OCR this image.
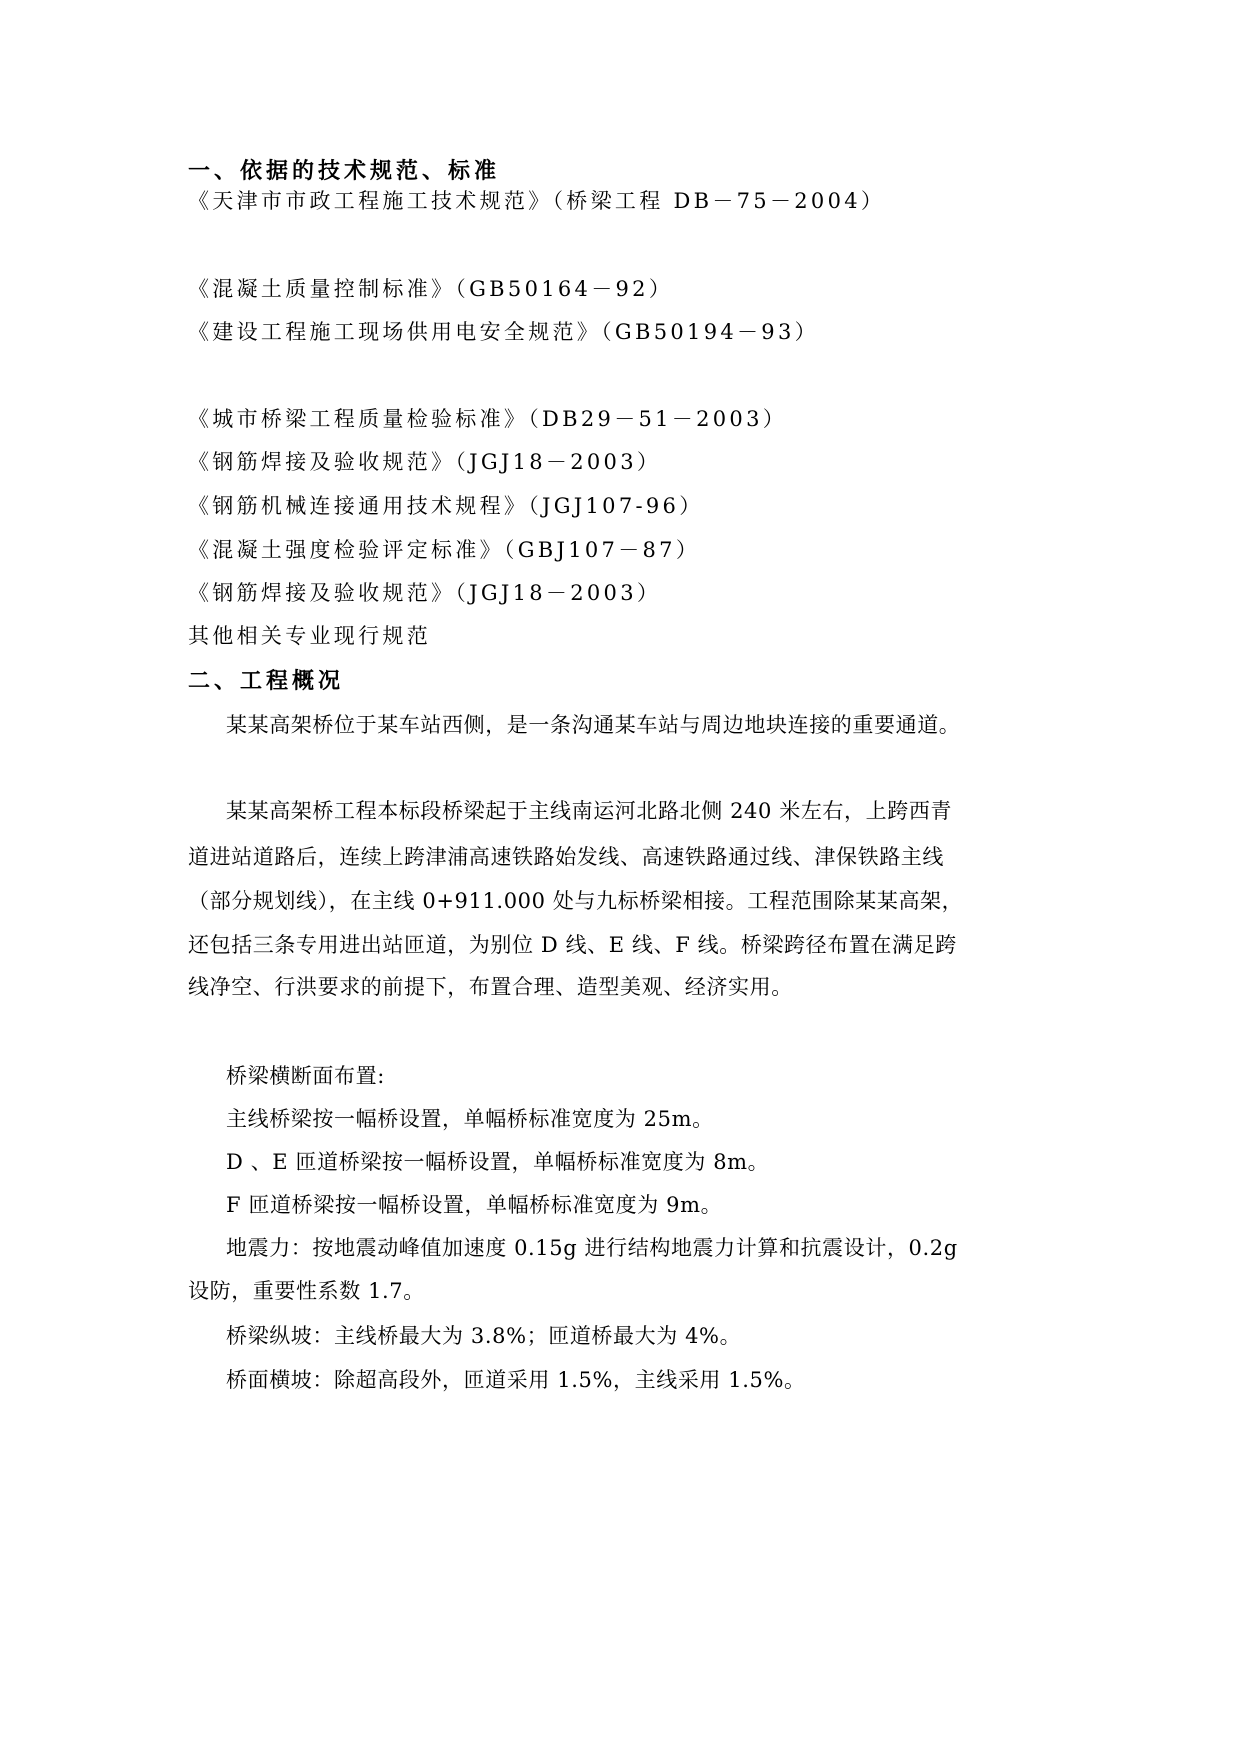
一、依据的技术规范、标准
《天津市市政工程施工技术规范》（桥梁工程 DB－75－2004）
《混凝土质量控制标准》（GB50164－92）
《建设工程施工现场供用电安全规范》（GB50194－93）
《城市桥梁工程质量检验标准》（DB29－51－2003）
《钢筋焊接及验收规范》（JGJ18－2003）
《钢筋机械连接通用技术规程》（JGJ107-96）
《混凝土强度检验评定标准》（GBJ107－87）
《钢筋焊接及验收规范》（JGJ18－2003）
其他相关专业现行规范
二、工程概况
某某高架桥位于某车站西侧，是一条沟通某车站与周边地块连接的重要通道。
某某高架桥工程本标段桥梁起于主线南运河北路北侧 240 米左右，上跨西青
道进站道路后，连续上跨津浦高速铁路始发线、高速铁路通过线、津保铁路主线
（部分规划线），在主线 0+911.000 处与九标桥梁相接。工程范围除某某高架，
还包括三条专用进出站匝道，为别位 D 线、E 线、F 线。桥梁跨径布置在满足跨
线净空、行洪要求的前提下，布置合理、造型美观、经济实用。
桥梁横断面布置:
主线桥梁按一幅桥设置，单幅桥标准宽度为 25m。
D 、E 匝道桥梁按一幅桥设置，单幅桥标准宽度为 8m。
F 匝道桥梁按一幅桥设置，单幅桥标准宽度为 9m。
地震力：按地震动峰值加速度 0.15g 进行结构地震力计算和抗震设计，0.2g
设防，重要性系数 1.7。
桥梁纵坡：主线桥最大为 3.8%；匝道桥最大为 4%。
桥面横坡：除超高段外，匝道采用 1.5%，主线采用 1.5%。
